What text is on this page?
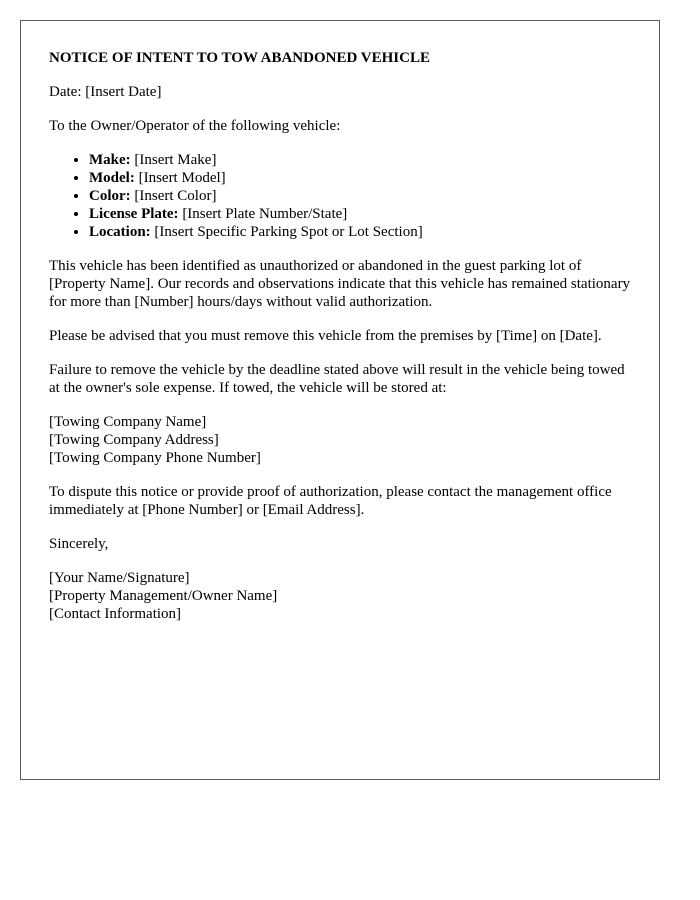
NOTICE OF INTENT TO TOW ABANDONED VEHICLE

Date: [Insert Date]

To the Owner/Operator of the following vehicle:

• Make: [Insert Make]
• Model: [Insert Model]
• Color: [Insert Color]
• License Plate: [Insert Plate Number/State]
• Location: [Insert Specific Parking Spot or Lot Section]

This vehicle has been identified as unauthorized or abandoned in the guest parking lot of [Property Name]. Our records and observations indicate that this vehicle has remained stationary for more than [Number] hours/days without valid authorization.

Please be advised that you must remove this vehicle from the premises by [Time] on [Date].

Failure to remove the vehicle by the deadline stated above will result in the vehicle being towed at the owner's sole expense. If towed, the vehicle will be stored at:

[Towing Company Name]
[Towing Company Address]
[Towing Company Phone Number]

To dispute this notice or provide proof of authorization, please contact the management office immediately at [Phone Number] or [Email Address].

Sincerely,

[Your Name/Signature]
[Property Management/Owner Name]
[Contact Information]
